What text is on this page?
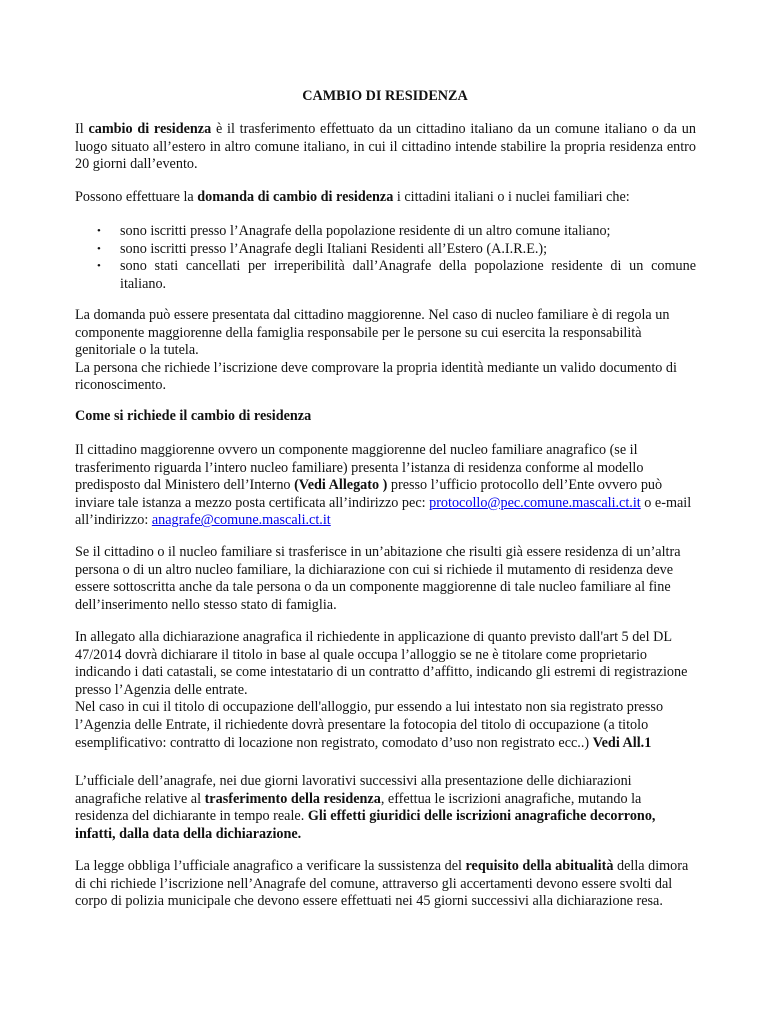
CAMBIO DI RESIDENZA

Il cambio di residenza è il trasferimento effettuato da un cittadino italiano da un comune italiano o da un luogo situato all’estero in altro comune italiano, in cui il cittadino intende stabilire la propria residenza entro 20 giorni dall’evento.

Possono effettuare la domanda di cambio di residenza i cittadini italiani o i nuclei familiari che:

• sono iscritti presso l’Anagrafe della popolazione residente di un altro comune italiano;
• sono iscritti presso l’Anagrafe degli Italiani Residenti all’Estero (A.I.R.E.);
• sono stati cancellati per irreperibilità dall’Anagrafe della popolazione residente di un comune italiano.
La domanda può essere presentata dal cittadino maggiorenne. Nel caso di nucleo familiare è di regola un componente maggiorenne della famiglia responsabile per le persone su cui esercita la responsabilità genitoriale o la tutela.
La persona che richiede l’iscrizione deve comprovare la propria identità mediante un valido documento di riconoscimento.

Come si richiede il cambio di residenza

Il cittadino maggiorenne ovvero un componente maggiorenne del nucleo familiare anagrafico (se il trasferimento riguarda l’intero nucleo familiare) presenta l’istanza di residenza conforme al modello predisposto dal Ministero dell’Interno (Vedi Allegato ) presso l’ufficio protocollo dell’Ente ovvero può inviare tale istanza a mezzo posta certificata all’indirizzo pec: protocollo@pec.comune.mascali.ct.it o e-mail all’indirizzo: anagrafe@comune.mascali.ct.it

Se il cittadino o il nucleo familiare si trasferisce in un’abitazione che risulti già essere residenza di un’altra persona o di un altro nucleo familiare, la dichiarazione con cui si richiede il mutamento di residenza deve essere sottoscritta anche da tale persona o da un componente maggiorenne di tale nucleo familiare al fine dell’inserimento nello stesso stato di famiglia.

In allegato alla dichiarazione anagrafica il richiedente in applicazione di quanto previsto dall'art 5 del DL 47/2014 dovrà dichiarare il titolo in base al quale occupa l’alloggio se ne è titolare come proprietario indicando i dati catastali, se come intestatario di un contratto d’affitto, indicando gli estremi di registrazione presso l’Agenzia delle entrate.
Nel caso in cui il titolo di occupazione dell'alloggio, pur essendo a lui intestato non sia registrato presso l’Agenzia delle Entrate, il richiedente dovrà presentare la fotocopia del titolo di occupazione (a titolo esemplificativo: contratto di locazione non registrato, comodato d’uso non registrato ecc..) Vedi All.1

L’ufficiale dell’anagrafe, nei due giorni lavorativi successivi alla presentazione delle dichiarazioni anagrafiche relative al trasferimento della residenza, effettua le iscrizioni anagrafiche, mutando la residenza del dichiarante in tempo reale. Gli effetti giuridici delle iscrizioni anagrafiche decorrono, infatti, dalla data della dichiarazione.

La legge obbliga l’ufficiale anagrafico a verificare la sussistenza del requisito della abitualità della dimora di chi richiede l’iscrizione nell’Anagrafe del comune, attraverso gli accertamenti devono essere svolti dal corpo di polizia municipale che devono essere effettuati nei 45 giorni successivi alla dichiarazione resa.
